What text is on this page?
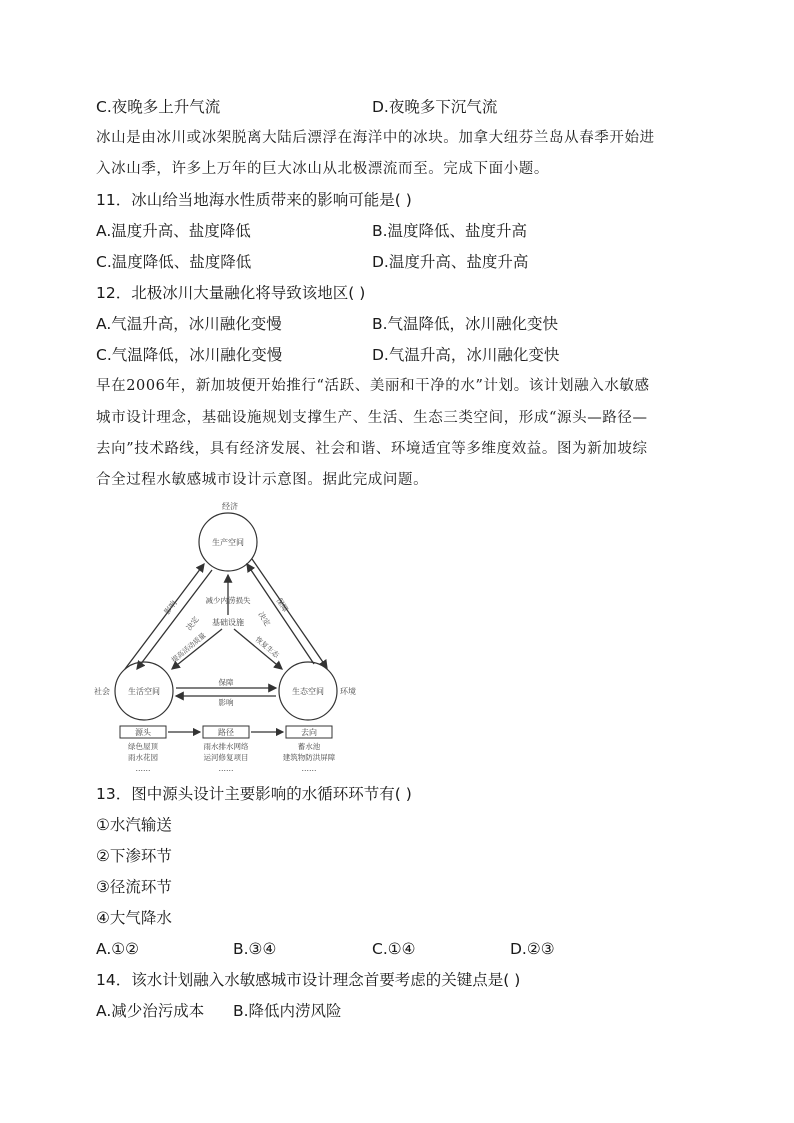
C.夜晚多上升气流	D.夜晚多下沉气流
冰山是由冰川或冰架脱离大陆后漂浮在海洋中的冰块。加拿大纽芬兰岛从春季开始进
入冰山季，许多上万年的巨大冰山从北极漂流而至。完成下面小题。
11．冰山给当地海水性质带来的影响可能是( )
A.温度升高、盐度降低	B.温度降低、盐度升高
C.温度降低、盐度降低	D.温度升高、盐度升高
12．北极冰川大量融化将导致该地区( )
A.气温升高，冰川融化变慢	B.气温降低，冰川融化变快
C.气温降低，冰川融化变慢	D.气温升高，冰川融化变快
早在2006年，新加坡便开始推行“活跃、美丽和干净的水”计划。该计划融入水敏感
城市设计理念，基础设施规划支撑生产、生活、生态三类空间，形成“源头—路径—
去向”技术路线，具有经济发展、社会和谐、环境适宜等多维度效益。图为新加坡综
合全过程水敏感城市设计示意图。据此完成问题。
经济
社会	环境
生产空间
生活空间	生态空间
影响
决定
保障
决定
基础设施
减少内涝损失
提高活动质量	恢复生态
保障
影响
源头	路径	去向
绿色屋顶
雨水花园
……
雨水排水网络
运河修复项目
……
蓄水池
建筑物防洪屏障
……
13．图中源头设计主要影响的水循环环节有( )
①水汽输送
②下渗环节
③径流环节
④大气降水
A.①②	B.③④	C.①④	D.②③
14．该水计划融入水敏感城市设计理念首要考虑的关键点是( )
A.减少治污成本 B.降低内涝风险
